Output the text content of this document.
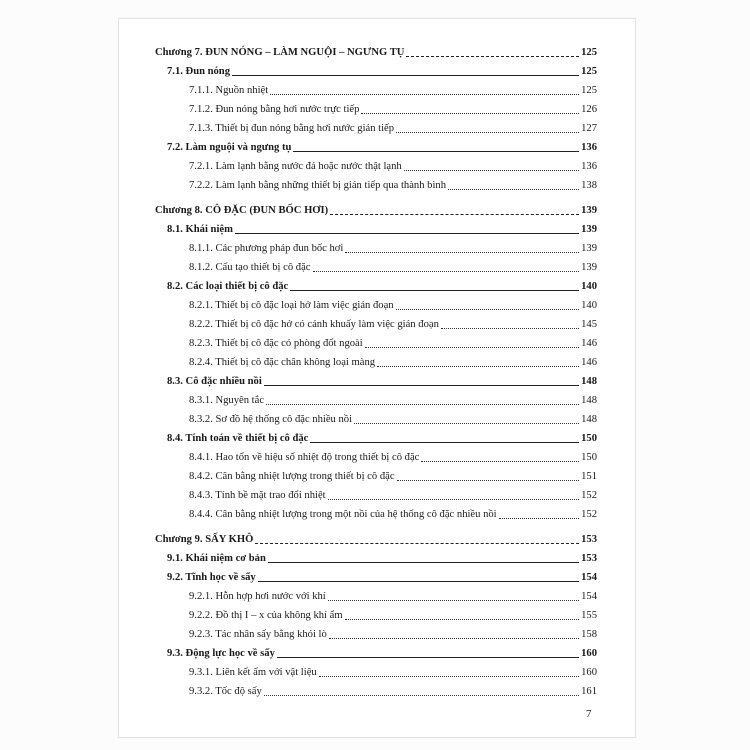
Chương 7. ĐUN NÓNG – LÀM NGUỘI – NGƯNG TỤ	125
7.1. Đun nóng	125
7.1.1. Nguồn nhiệt	125
7.1.2. Đun nóng bằng hơi nước trực tiếp	126
7.1.3. Thiết bị đun nóng bằng hơi nước gián tiếp	127
7.2. Làm nguội và ngưng tụ	136
7.2.1. Làm lạnh bằng nước đá hoặc nước thật lạnh	136
7.2.2. Làm lạnh bằng những thiết bị gián tiếp qua thành bình	138
Chương 8. CÔ ĐẶC (ĐUN BỐC HƠI)	139
8.1. Khái niệm	139
8.1.1. Các phương pháp đun bốc hơi	139
8.1.2. Cấu tạo thiết bị cô đặc	139
8.2. Các loại thiết bị cô đặc	140
8.2.1. Thiết bị cô đặc loại hở làm việc gián đoạn	140
8.2.2. Thiết bị cô đặc hở có cánh khuấy làm việc gián đoạn	145
8.2.3. Thiết bị cô đặc có phòng đốt ngoài	146
8.2.4. Thiết bị cô đặc chân không loại màng	146
8.3. Cô đặc nhiều nồi	148
8.3.1. Nguyên tắc	148
8.3.2. Sơ đồ hệ thống cô đặc nhiều nồi	148
8.4. Tính toán về thiết bị cô đặc	150
8.4.1. Hao tổn về hiệu số nhiệt độ trong thiết bị cô đặc	150
8.4.2. Cân bằng nhiệt lượng trong thiết bị cô đặc	151
8.4.3. Tính bề mặt trao đổi nhiệt	152
8.4.4. Cân bằng nhiệt lượng trong một nồi của hệ thống cô đặc nhiều nồi	152
Chương 9. SẤY KHÔ	153
9.1. Khái niệm cơ bản	153
9.2. Tĩnh học về sấy	154
9.2.1. Hỗn hợp hơi nước với khí	154
9.2.2. Đồ thị I – x của không khí ẩm	155
9.2.3. Tác nhân sấy bằng khói lò	158
9.3. Động lực học về sấy	160
9.3.1. Liên kết ẩm với vật liệu	160
9.3.2. Tốc độ sấy	161
7
